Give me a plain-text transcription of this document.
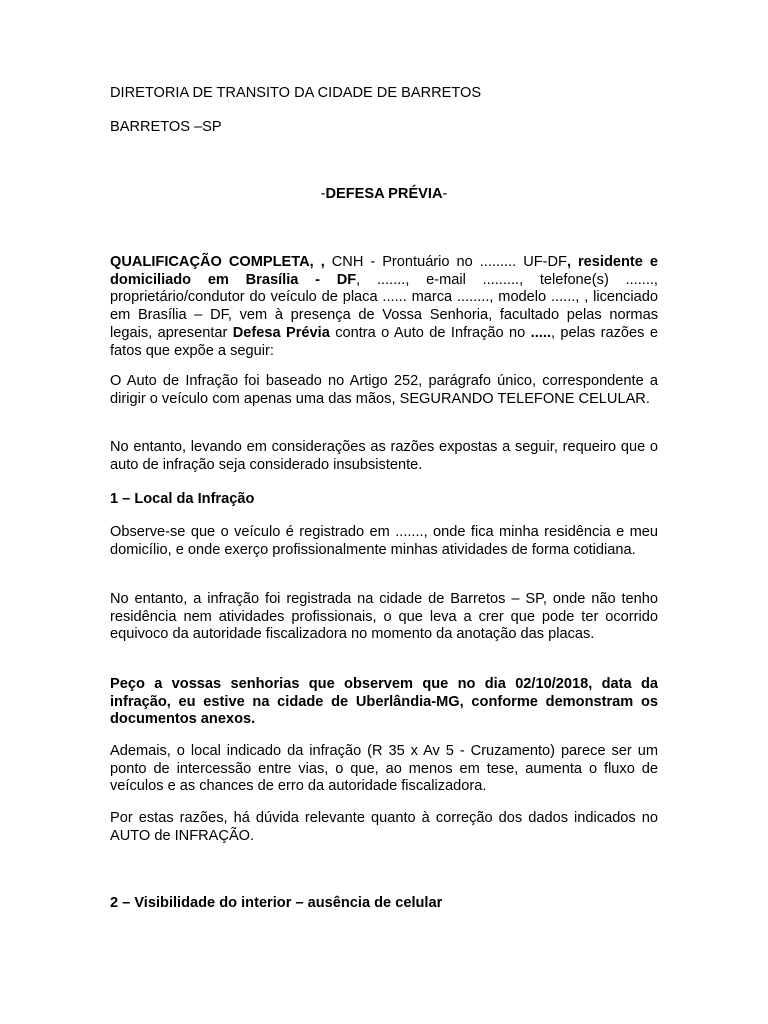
DIRETORIA DE TRANSITO DA CIDADE DE BARRETOS
BARRETOS –SP
-DEFESA PRÉVIA-

QUALIFICAÇÃO COMPLETA, , CNH - Prontuário no ......... UF-DF, residente e domiciliado em Brasília - DF, ......., e-mail ........., telefone(s) ......., proprietário/condutor do veículo de placa ...... marca ........, modelo ......, , licenciado em Brasília – DF, vem à presença de Vossa Senhoria, facultado pelas normas legais, apresentar Defesa Prévia contra o Auto de Infração no ....., pelas razões e fatos que expõe a seguir:

O Auto de Infração foi baseado no Artigo 252, parágrafo único, correspondente a dirigir o veículo com apenas uma das mãos, SEGURANDO TELEFONE CELULAR.

No entanto, levando em considerações as razões expostas a seguir, requeiro que o auto de infração seja considerado insubsistente.

1 – Local da Infração

Observe-se que o veículo é registrado em ......., onde fica minha residência e meu domicílio, e onde exerço profissionalmente minhas atividades de forma cotidiana.

No entanto, a infração foi registrada na cidade de Barretos – SP, onde não tenho residência nem atividades profissionais, o que leva a crer que pode ter ocorrido equivoco da autoridade fiscalizadora no momento da anotação das placas.

Peço a vossas senhorias que observem que no dia 02/10/2018, data da infração, eu estive na cidade de Uberlândia-MG, conforme demonstram os documentos anexos.

Ademais, o local indicado da infração (R 35 x Av 5 - Cruzamento) parece ser um ponto de intercessão entre vias, o que, ao menos em tese, aumenta o fluxo de veículos e as chances de erro da autoridade fiscalizadora.

Por estas razões, há dúvida relevante quanto à correção dos dados indicados no AUTO de INFRAÇÃO.

2 – Visibilidade do interior – ausência de celular
